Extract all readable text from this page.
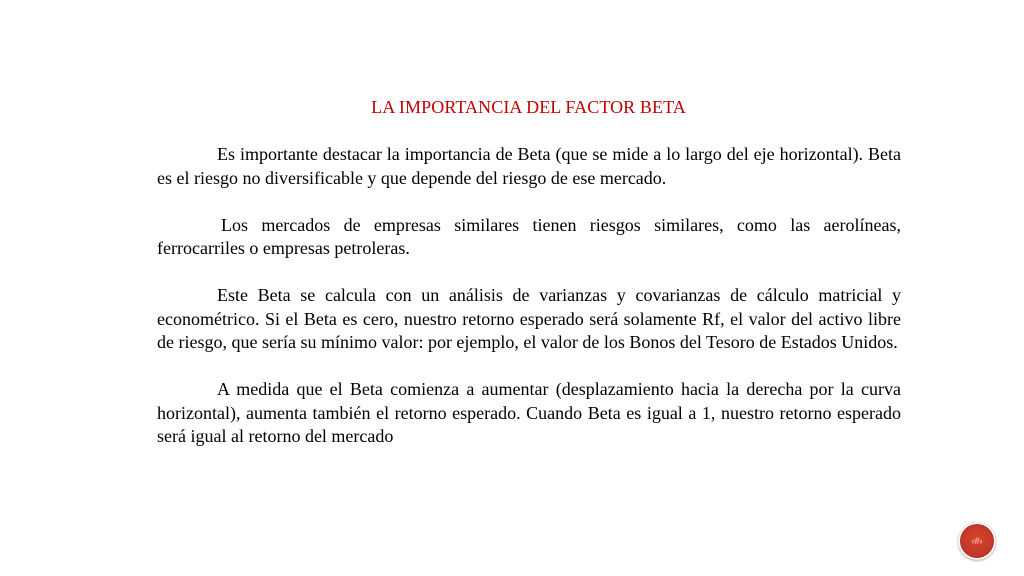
LA IMPORTANCIA DEL FACTOR BETA

Es importante destacar la importancia de Beta (que se mide a lo largo del eje horizontal). Beta es el riesgo no diversificable y que depende del riesgo de ese mercado.

Los mercados de empresas similares tienen riesgos similares, como las aerolíneas, ferrocarriles o empresas petroleras.

Este Beta se calcula con un análisis de varianzas y covarianzas de cálculo matricial y econométrico. Si el Beta es cero, nuestro retorno esperado será solamente Rf, el valor del activo libre de riesgo, que sería su mínimo valor: por ejemplo, el valor de los Bonos del Tesoro de Estados Unidos.

A medida que el Beta comienza a aumentar (desplazamiento hacia la derecha por la curva horizontal), aumenta también el retorno esperado. Cuando Beta es igual a 1, nuestro retorno esperado será igual al retorno del mercado

‹#›
